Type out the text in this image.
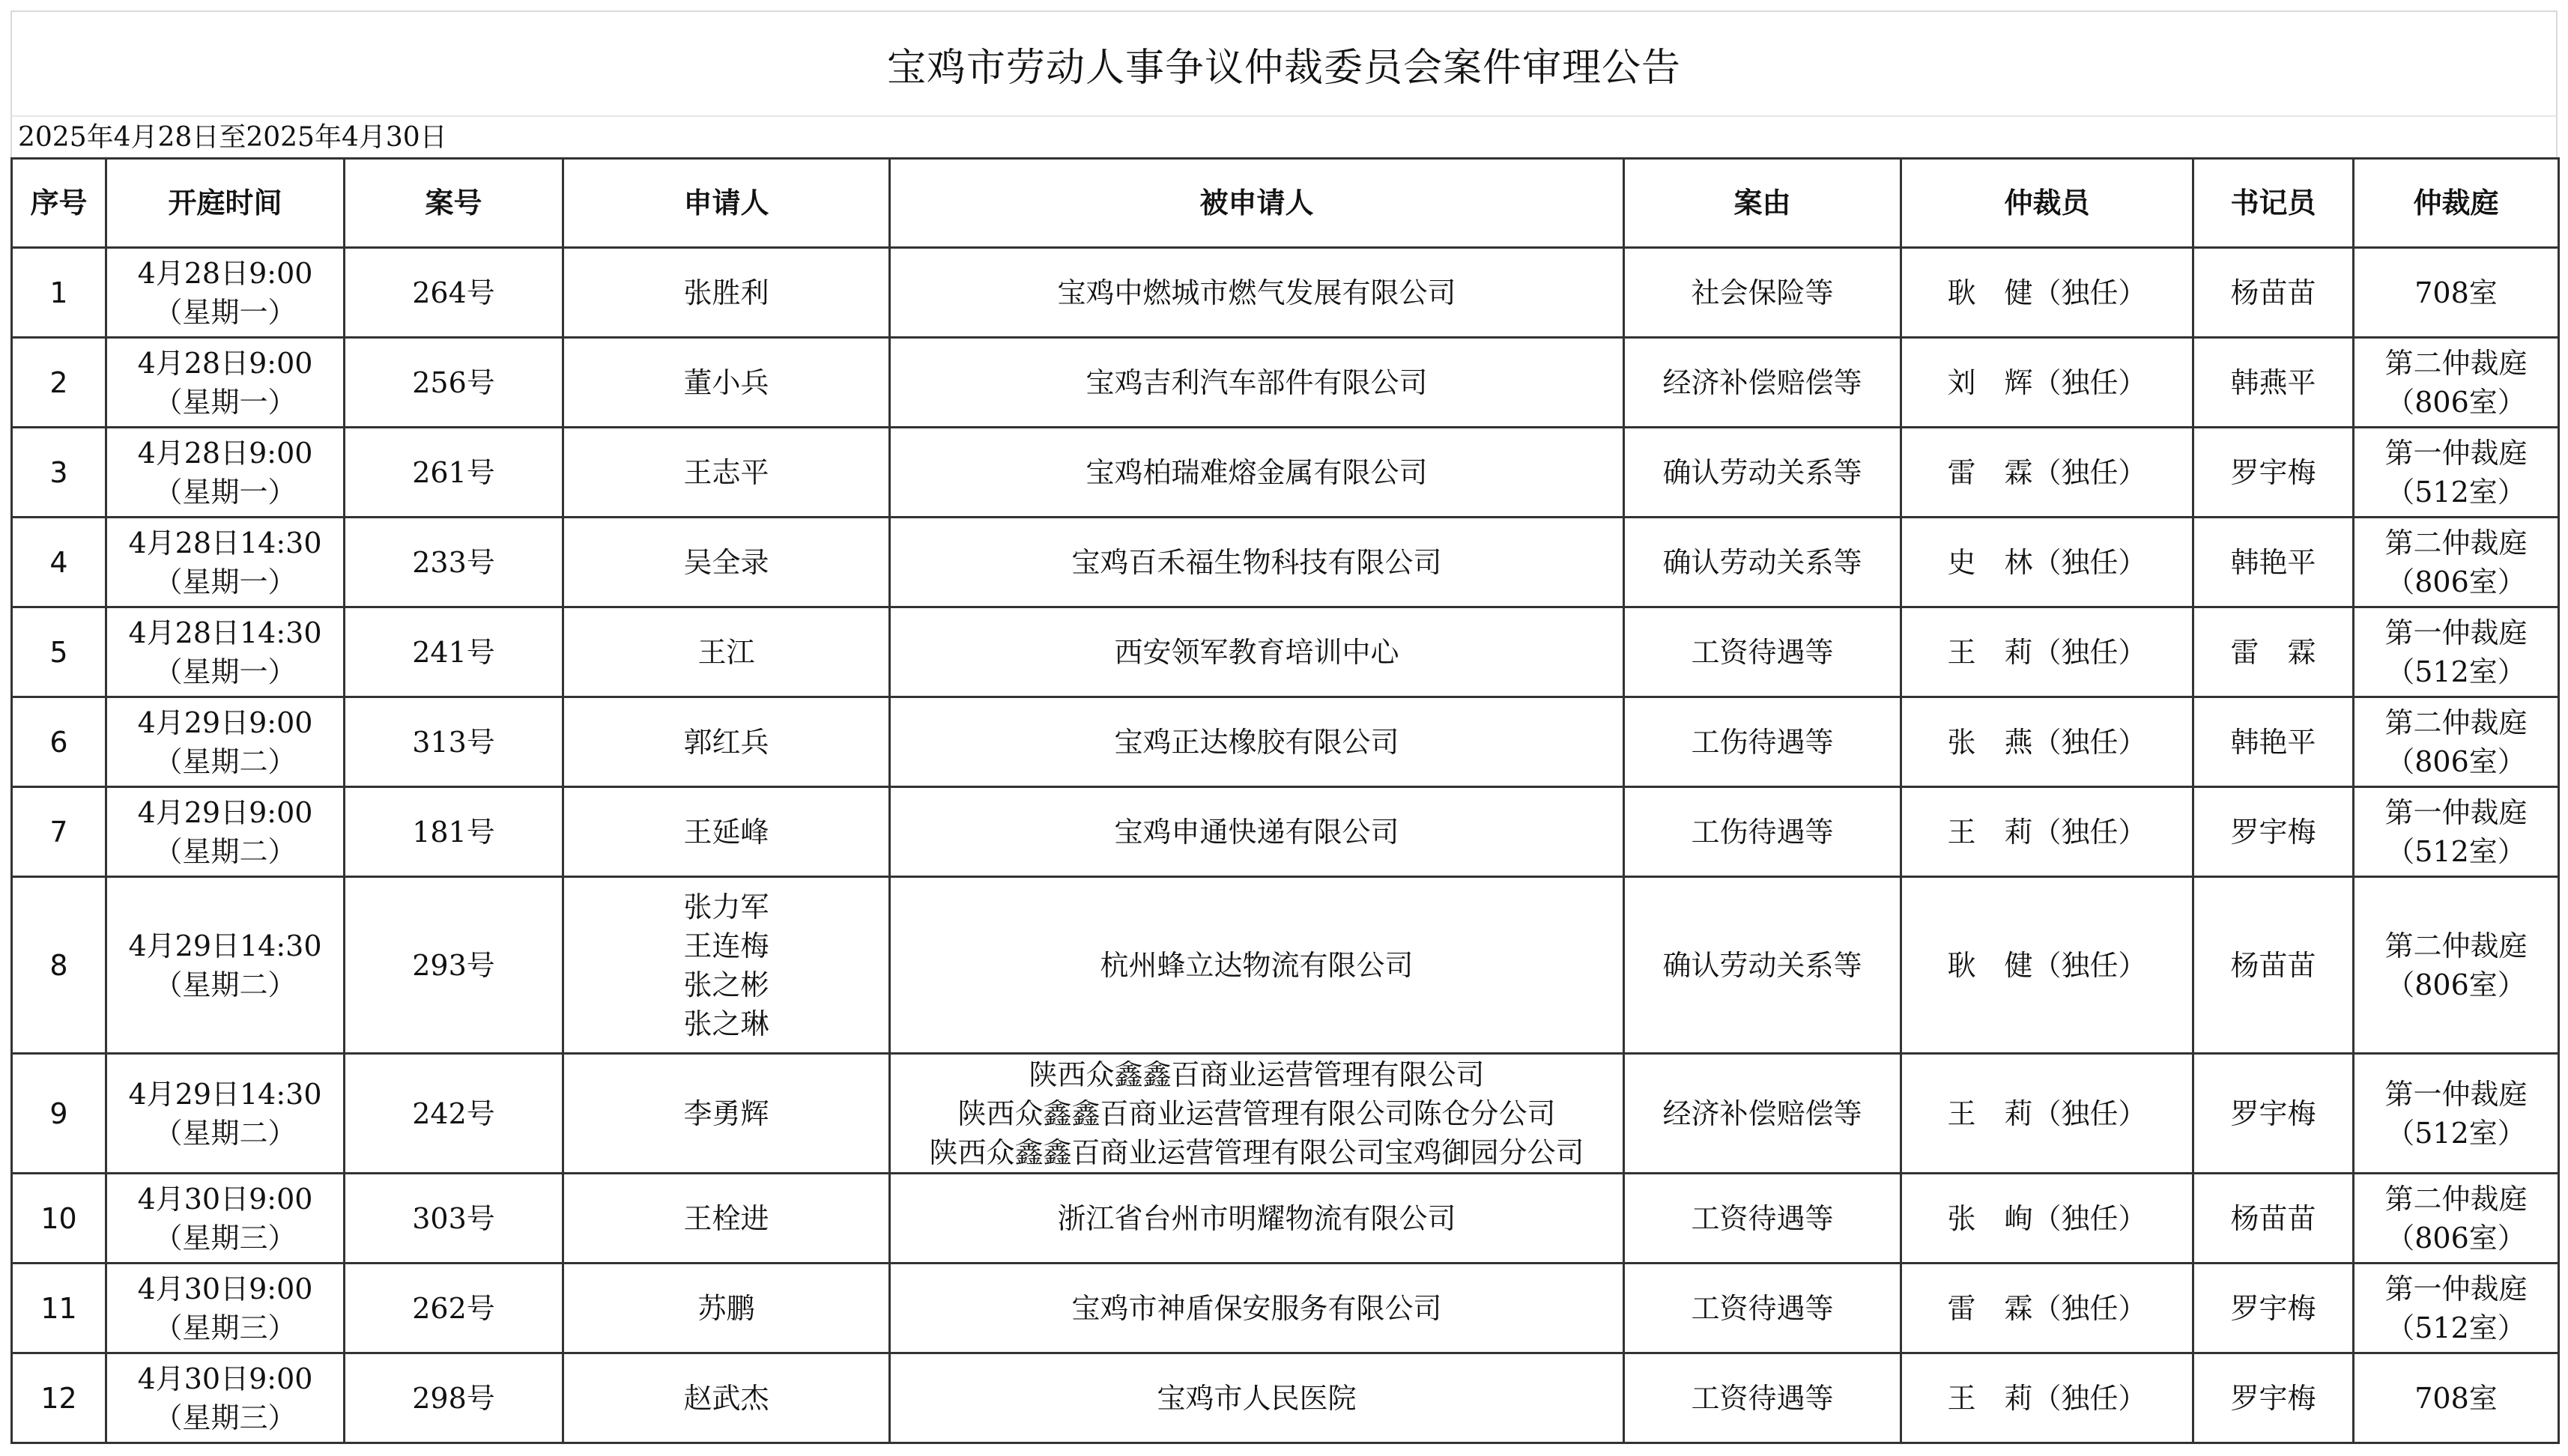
宝鸡市劳动人事争议仲裁委员会案件审理公告
2025年4月28日至2025年4月30日
序号	开庭时间	案号	申请人	被申请人	案由	仲裁员	书记员	仲裁庭
1	4月28日9:00
（星期一）	264号	张胜利	宝鸡中燃城市燃气发展有限公司	社会保险等	耿　健（独任）	杨苗苗	708室

2	4月28日9:00
（星期一）	256号	董小兵	宝鸡吉利汽车部件有限公司	经济补偿赔偿等	刘　辉（独任）	韩燕平	第二仲裁庭
（806室）

3	4月28日9:00
（星期一）	261号	王志平	宝鸡柏瑞难熔金属有限公司	确认劳动关系等	雷　霖（独任）	罗宇梅	第一仲裁庭
（512室）

4	4月28日14:30
（星期一）	233号	吴全录	宝鸡百禾福生物科技有限公司	确认劳动关系等	史　林（独任）	韩艳平	第二仲裁庭
（806室）

5	4月28日14:30
（星期一）	241号	王江	西安领军教育培训中心	工资待遇等	王　莉（独任）	雷　霖	第一仲裁庭
（512室）

6	4月29日9:00
（星期二）	313号	郭红兵	宝鸡正达橡胶有限公司	工伤待遇等	张　燕（独任）	韩艳平	第二仲裁庭
（806室）

7	4月29日9:00
（星期二）	181号	王延峰	宝鸡申通快递有限公司	工伤待遇等	王　莉（独任）	罗宇梅	第一仲裁庭
（512室）

8	4月29日14:30
（星期二）	293号	张力军
王连梅
张之彬
张之琳	杭州蜂立达物流有限公司	确认劳动关系等	耿　健（独任）	杨苗苗	第二仲裁庭
（806室）

9	4月29日14:30
（星期二）	242号	李勇辉	陕西众鑫鑫百商业运营管理有限公司
陕西众鑫鑫百商业运营管理有限公司陈仓分公司
陕西众鑫鑫百商业运营管理有限公司宝鸡御园分公司	经济补偿赔偿等	王　莉（独任）	罗宇梅	第一仲裁庭
（512室）

10	4月30日9:00
（星期三）	303号	王栓进	浙江省台州市明耀物流有限公司	工资待遇等	张　峋（独任）	杨苗苗	第二仲裁庭
（806室）

11	4月30日9:00
（星期三）	262号	苏鹏	宝鸡市神盾保安服务有限公司	工资待遇等	雷　霖（独任）	罗宇梅	第一仲裁庭
（512室）

12	4月30日9:00
（星期三）	298号	赵武杰	宝鸡市人民医院	工资待遇等	王　莉（独任）	罗宇梅	708室
